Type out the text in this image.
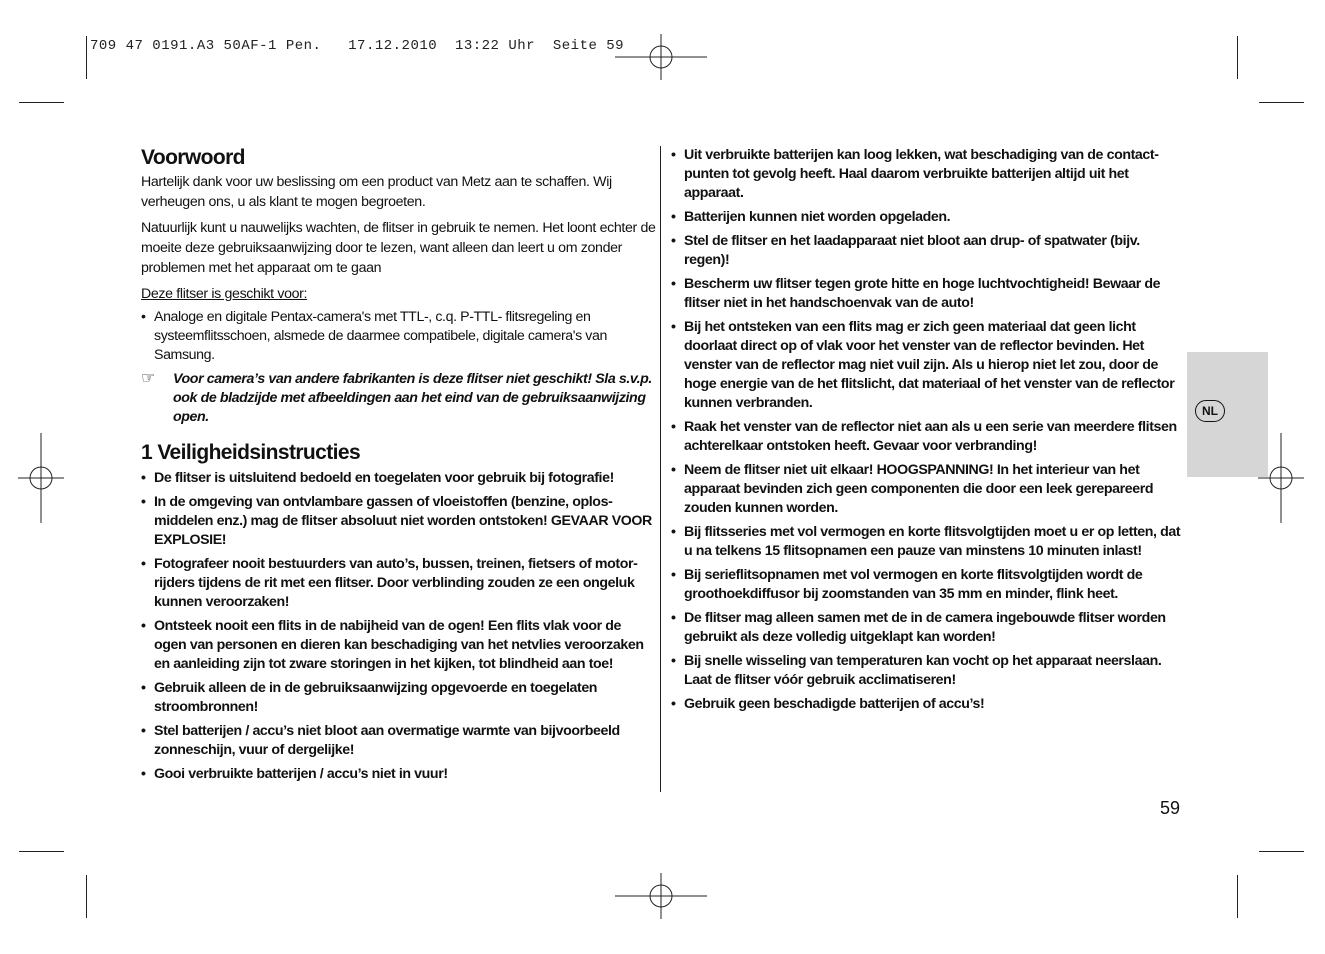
709 47 0191.A3 50AF-1 Pen.   17.12.2010  13:22 Uhr  Seite 59
Voorwoord

Hartelijk dank voor uw beslissing om een product van Metz aan te schaffen. Wij verheugen ons, u als klant te mogen begroeten.

Natuurlijk kunt u nauwelijks wachten, de flitser in gebruik te nemen. Het loont echter de moeite deze gebruiksaanwijzing door te lezen, want alleen dan leert u om zonder problemen met het apparaat om te gaan

Deze flitser is geschikt voor:
• Analoge en digitale Pentax-camera's met TTL-, c.q. P-TTL- flitsregeling en systeemflitsschoen, alsmede de daarmee compatibele, digitale camera's van Samsung.
☞ Voor camera’s van andere fabrikanten is deze flitser niet geschikt! Sla s.v.p. ook de bladzijde met afbeeldingen aan het eind van de gebruiksaanwijzing open.
1 Veiligheidsinstructies
• De flitser is uitsluitend bedoeld en toegelaten voor gebruik bij fotografie!
• In de omgeving van ontvlambare gassen of vloeistoffen (benzine, oplos-middelen enz.) mag de flitser absoluut niet worden ontstoken! GEVAAR VOOR EXPLOSIE!
• Fotografeer nooit bestuurders van auto’s, bussen, treinen, fietsers of motor-rijders tijdens de rit met een flitser. Door verblinding zouden ze een ongeluk kunnen veroorzaken!
• Ontsteek nooit een flits in de nabijheid van de ogen! Een flits vlak voor de ogen van personen en dieren kan beschadiging van het netvlies veroorzaken en aanleiding zijn tot zware storingen in het kijken, tot blindheid aan toe!
• Gebruik alleen de in de gebruiksaanwijzing opgevoerde en toegelaten stroombronnen!
• Stel batterijen / accu’s niet bloot aan overmatige warmte van bijvoorbeeld zonneschijn, vuur of dergelijke!
• Gooi verbruikte batterijen / accu’s niet in vuur!
• Uit verbruikte batterijen kan loog lekken, wat beschadiging van de contact-punten tot gevolg heeft. Haal daarom verbruikte batterijen altijd uit het apparaat.
• Batterijen kunnen niet worden opgeladen.
• Stel de flitser en het laadapparaat niet bloot aan drup- of spatwater (bijv. regen)!
• Bescherm uw flitser tegen grote hitte en hoge luchtvochtigheid! Bewaar de flitser niet in het handschoenvak van de auto!
• Bij het ontsteken van een flits mag er zich geen materiaal dat geen licht doorlaat direct op of vlak voor het venster van de reflector bevinden. Het venster van de reflector mag niet vuil zijn. Als u hierop niet let zou, door de hoge energie van de het flitslicht, dat materiaal of het venster van de reflector kunnen verbranden.
• Raak het venster van de reflector niet aan als u een serie van meerdere flitsen achterelkaar ontstoken heeft. Gevaar voor verbranding!
• Neem de flitser niet uit elkaar! HOOGSPANNING! In het interieur van het apparaat bevinden zich geen componenten die door een leek gerepareerd zouden kunnen worden.
• Bij flitsseries met vol vermogen en korte flitsvolgtijden moet u er op letten, dat u na telkens 15 flitsopnamen een pauze van minstens 10 minuten inlast!
• Bij serieflitsopnamen met vol vermogen en korte flitsvolgtijden wordt de groothoekdiffusor bij zoomstanden van 35 mm en minder, flink heet.
• De flitser mag alleen samen met de in de camera ingebouwde flitser worden gebruikt als deze volledig uitgeklapt kan worden!
• Bij snelle wisseling van temperaturen kan vocht op het apparaat neerslaan. Laat de flitser vóór gebruik acclimatiseren!
• Gebruik geen beschadigde batterijen of accu’s!
NL
59
